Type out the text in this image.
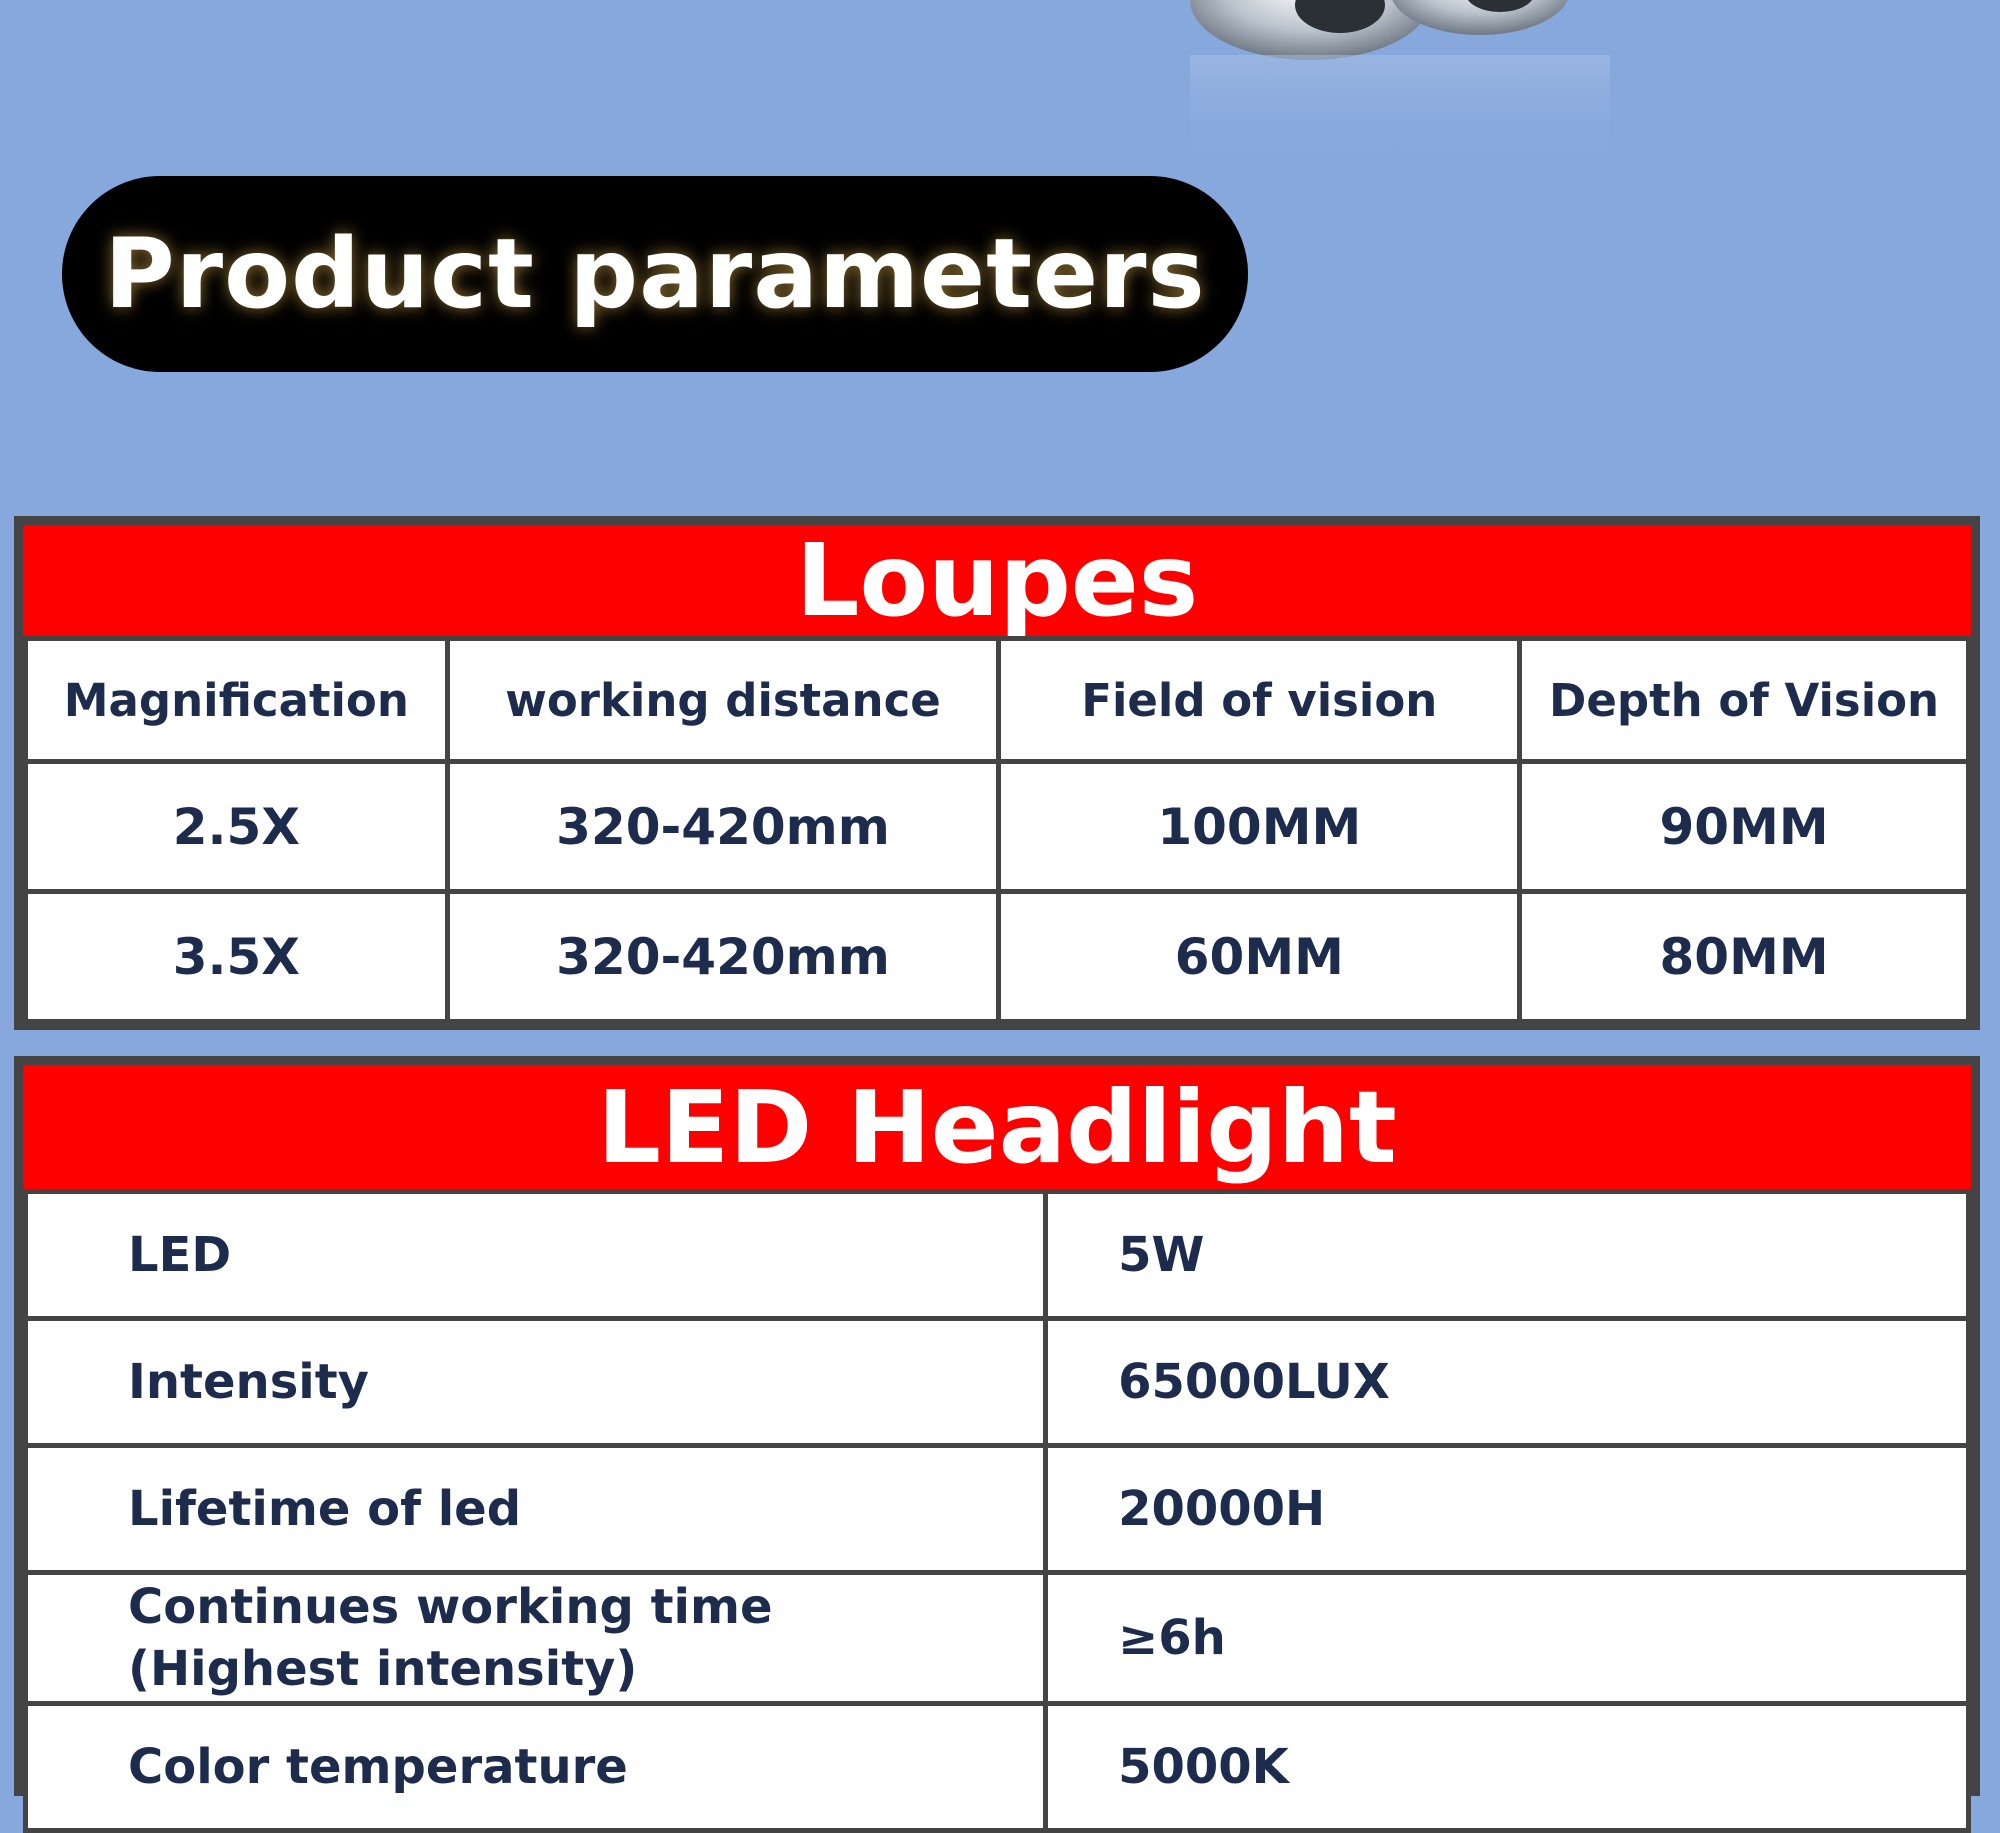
Product parameters
Loupes
Magnification	working distance	Field of vision	Depth of Vision
2.5X	320-420mm	100MM	90MM
3.5X	320-420mm	60MM	80MM
LED Headlight
LED	5W
Intensity	65000LUX
Lifetime of led	20000H

Continues working time
(Highest intensity)	≥6h
Color temperature	5000K
